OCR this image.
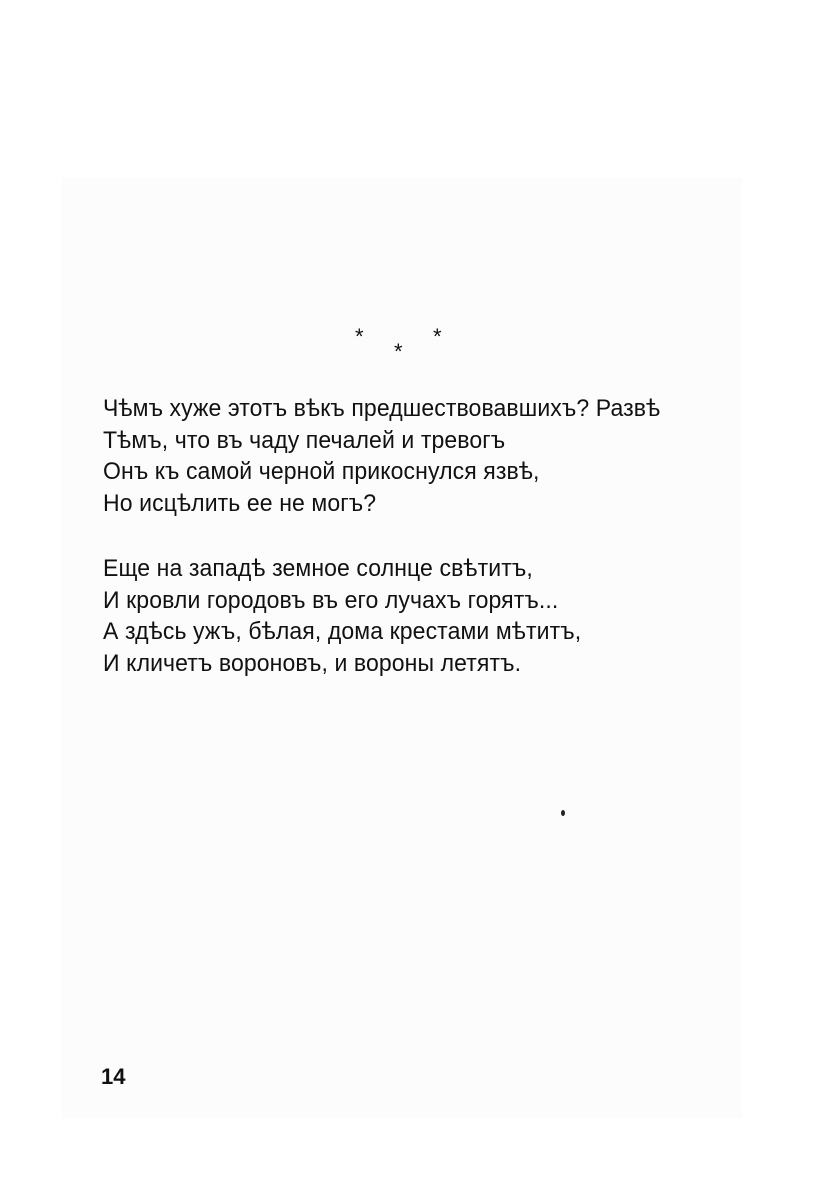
*
*
*
Чѣмъ хуже этотъ вѣкъ предшествовавшихъ? Развѣ
Тѣмъ, что въ чаду печалей и тревогъ
Онъ къ самой черной прикоснулся язвѣ,
Но исцѣлить ее не могъ?
Еще на западѣ земное солнце свѣтитъ,
И кровли городовъ въ его лучахъ горятъ...
А здѣсь ужъ, бѣлая, дома крестами мѣтитъ,
И кличетъ вороновъ, и вороны летятъ.
14
